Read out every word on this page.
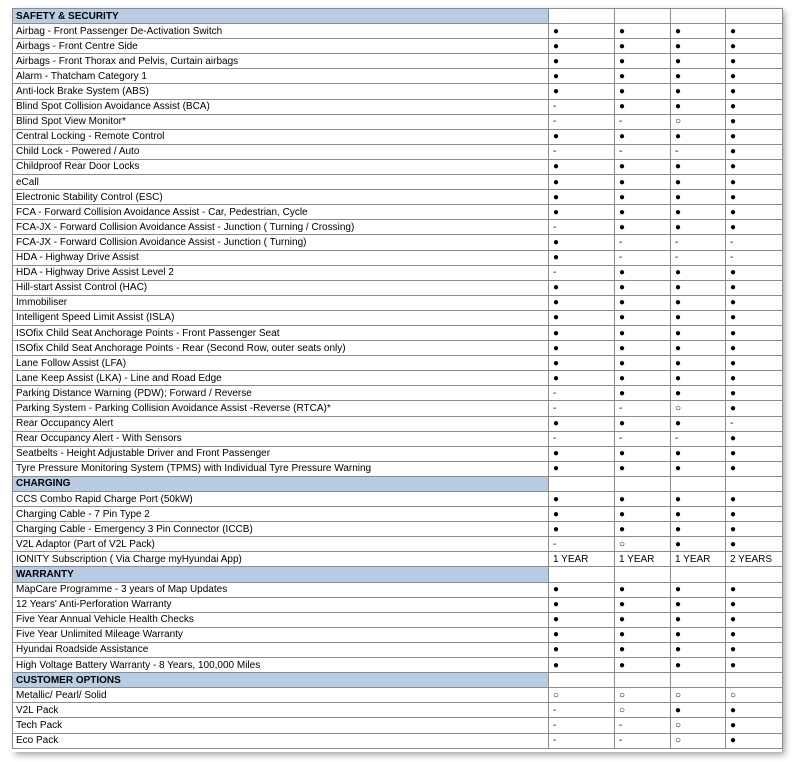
SAFETY & SECURITY				
Airbag - Front Passenger De-Activation Switch	●	●	●	●
Airbags - Front Centre Side	●	●	●	●
Airbags - Front Thorax and Pelvis, Curtain airbags	●	●	●	●
Alarm - Thatcham Category 1	●	●	●	●
Anti-lock Brake System (ABS)	●	●	●	●
Blind Spot Collision Avoidance Assist (BCA)	-	●	●	●
Blind Spot View Monitor*	-	-	○	●
Central Locking - Remote Control	●	●	●	●
Child Lock - Powered / Auto	-	-	-	●
Childproof Rear Door Locks	●	●	●	●
eCall	●	●	●	●
Electronic Stability Control (ESC)	●	●	●	●
FCA - Forward Collision Avoidance Assist - Car, Pedestrian, Cycle	●	●	●	●
FCA-JX - Forward Collision Avoidance Assist - Junction ( Turning / Crossing)	-	●	●	●
FCA-JX - Forward Collision Avoidance Assist - Junction ( Turning)	●	-	-	-
HDA - Highway Drive Assist	●	-	-	-
HDA - Highway Drive Assist Level 2	-	●	●	●
Hill-start Assist Control (HAC)	●	●	●	●
Immobiliser	●	●	●	●
Intelligent Speed Limit Assist (ISLA)	●	●	●	●
ISOfix Child Seat Anchorage Points - Front Passenger Seat	●	●	●	●
ISOfix Child Seat Anchorage Points - Rear (Second Row, outer seats only)	●	●	●	●
Lane Follow Assist (LFA)	●	●	●	●
Lane Keep Assist (LKA) - Line and Road Edge	●	●	●	●
Parking Distance Warning (PDW); Forward / Reverse	-	●	●	●
Parking System - Parking Collision Avoidance Assist -Reverse (RTCA)*	-	-	○	●
Rear Occupancy Alert	●	●	●	-
Rear Occupancy Alert - With Sensors	-	-	-	●
Seatbelts - Height Adjustable Driver and Front Passenger	●	●	●	●
Tyre Pressure Monitoring System (TPMS) with Individual Tyre Pressure Warning	●	●	●	●
CHARGING				
CCS Combo Rapid Charge Port (50kW)	●	●	●	●
Charging Cable - 7 Pin Type 2	●	●	●	●
Charging Cable - Emergency 3 Pin Connector (ICCB)	●	●	●	●
V2L Adaptor (Part of V2L Pack)	-	○	●	●
IONITY Subscription ( Via Charge myHyundai App)	1 YEAR	1 YEAR	1 YEAR	2 YEARS
WARRANTY				
MapCare Programme - 3 years of Map Updates	●	●	●	●
12 Years' Anti-Perforation Warranty	●	●	●	●
Five Year Annual Vehicle Health Checks	●	●	●	●
Five Year Unlimited Mileage Warranty	●	●	●	●
Hyundai Roadside Assistance	●	●	●	●
High Voltage Battery Warranty - 8 Years, 100,000 Miles	●	●	●	●
CUSTOMER OPTIONS				
Metallic/ Pearl/ Solid	○	○	○	○
V2L Pack	-	○	●	●
Tech Pack	-	-	○	●
Eco Pack	-	-	○	●
